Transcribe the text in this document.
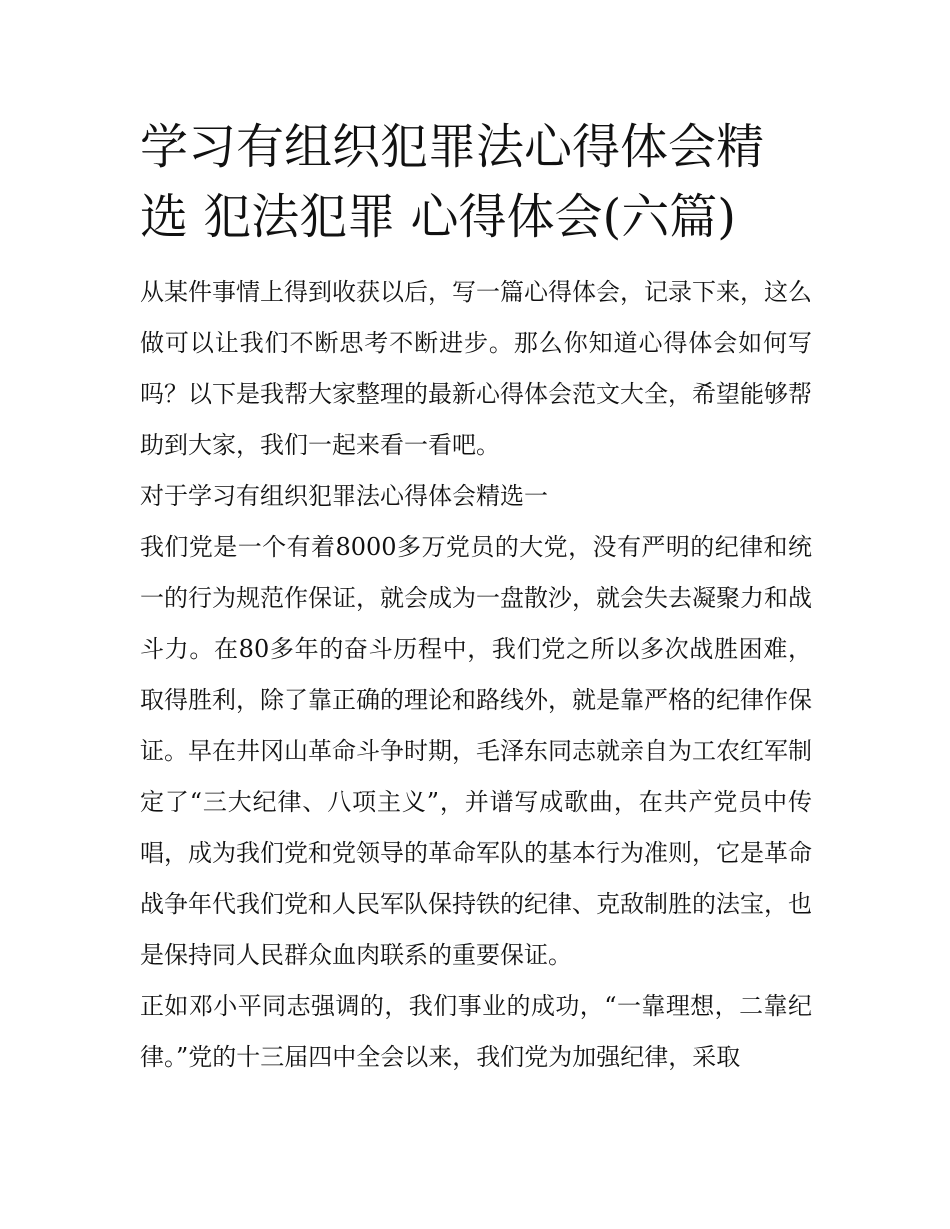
学习有组织犯罪法心得体会精
选 犯法犯罪 心得体会(六篇)

从某件事情上得到收获以后，写一篇心得体会，记录下来，这么做可以让我们不断思考不断进步。那么你知道心得体会如何写吗？以下是我帮大家整理的最新心得体会范文大全，希望能够帮助到大家，我们一起来看一看吧。

对于学习有组织犯罪法心得体会精选一

我们党是一个有着8000多万党员的大党，没有严明的纪律和统一的行为规范作保证，就会成为一盘散沙，就会失去凝聚力和战斗力。在80多年的奋斗历程中，我们党之所以多次战胜困难，取得胜利，除了靠正确的理论和路线外，就是靠严格的纪律作保证。早在井冈山革命斗争时期，毛泽东同志就亲自为工农红军制定了“三大纪律、八项主义”，并谱写成歌曲，在共产党员中传唱，成为我们党和党领导的革命军队的基本行为准则，它是革命战争年代我们党和人民军队保持铁的纪律、克敌制胜的法宝，也是保持同人民群众血肉联系的重要保证。

正如邓小平同志强调的，我们事业的成功，“一靠理想，二靠纪律。”党的十三届四中全会以来，我们党为加强纪律，采取
